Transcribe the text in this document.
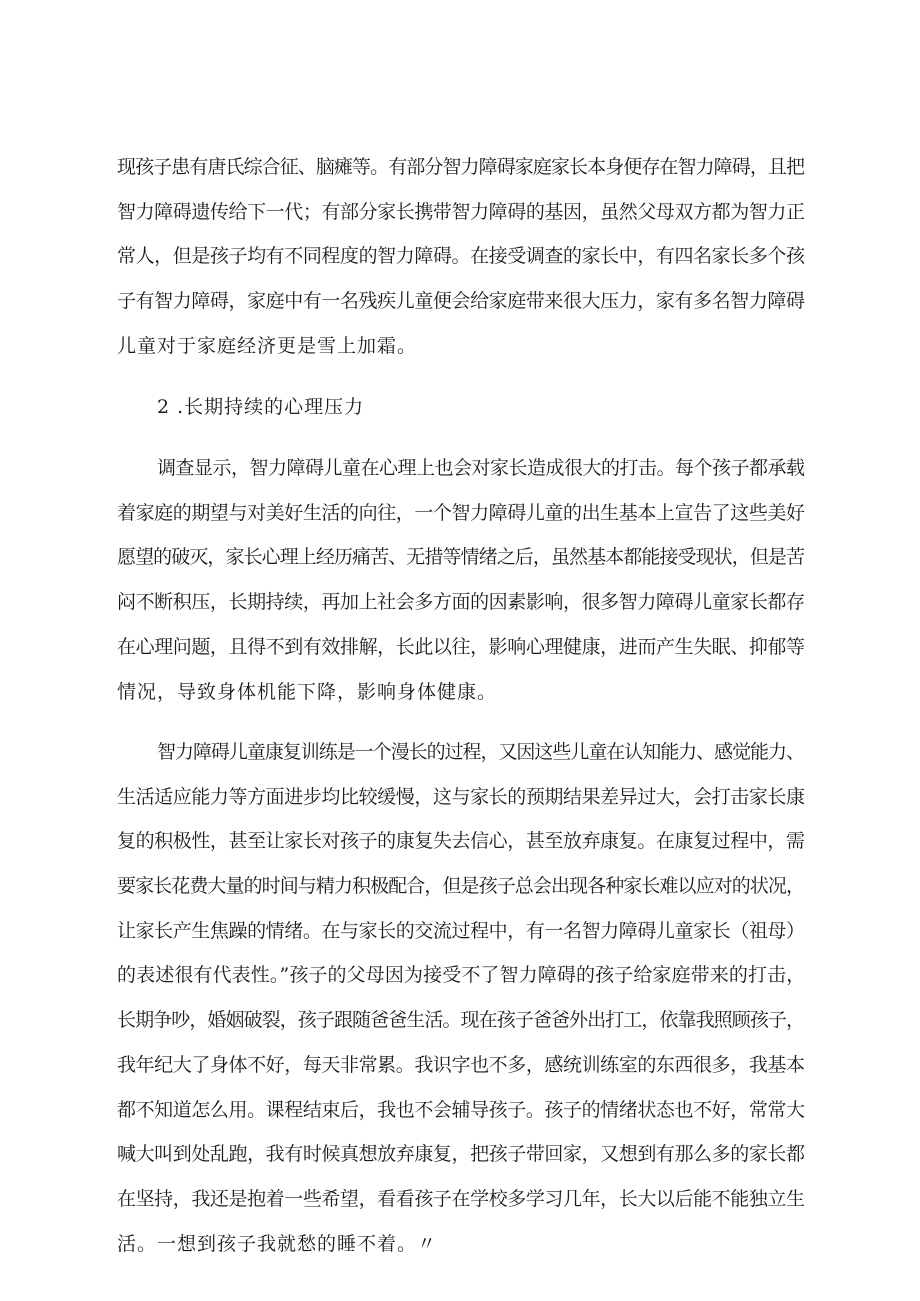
现孩子患有唐氏综合征、脑瘫等。有部分智力障碍家庭家长本身便存在智力障碍，且把
智力障碍遗传给下一代；有部分家长携带智力障碍的基因，虽然父母双方都为智力正
常人，但是孩子均有不同程度的智力障碍。在接受调查的家长中，有四名家长多个孩
子有智力障碍，家庭中有一名残疾儿童便会给家庭带来很大压力，家有多名智力障碍
儿童对于家庭经济更是雪上加霜。
2 .长期持续的心理压力
调查显示，智力障碍儿童在心理上也会对家长造成很大的打击。每个孩子都承载
着家庭的期望与对美好生活的向往，一个智力障碍儿童的出生基本上宣告了这些美好
愿望的破灭，家长心理上经历痛苦、无措等情绪之后，虽然基本都能接受现状，但是苦
闷不断积压，长期持续，再加上社会多方面的因素影响，很多智力障碍儿童家长都存
在心理问题，且得不到有效排解，长此以往，影响心理健康，进而产生失眠、抑郁等
情况，导致身体机能下降，影响身体健康。
智力障碍儿童康复训练是一个漫长的过程，又因这些儿童在认知能力、感觉能力、
生活适应能力等方面进步均比较缓慢，这与家长的预期结果差异过大，会打击家长康
复的积极性，甚至让家长对孩子的康复失去信心，甚至放弃康复。在康复过程中，需
要家长花费大量的时间与精力积极配合，但是孩子总会出现各种家长难以应对的状况，
让家长产生焦躁的情绪。在与家长的交流过程中，有一名智力障碍儿童家长（祖母）
的表述很有代表性。”孩子的父母因为接受不了智力障碍的孩子给家庭带来的打击，
长期争吵，婚姻破裂，孩子跟随爸爸生活。现在孩子爸爸外出打工，依靠我照顾孩子，
我年纪大了身体不好，每天非常累。我识字也不多，感统训练室的东西很多，我基本
都不知道怎么用。课程结束后，我也不会辅导孩子。孩子的情绪状态也不好，常常大
喊大叫到处乱跑，我有时候真想放弃康复，把孩子带回家，又想到有那么多的家长都
在坚持，我还是抱着一些希望，看看孩子在学校多学习几年，长大以后能不能独立生
活。一想到孩子我就愁的睡不着。〃
